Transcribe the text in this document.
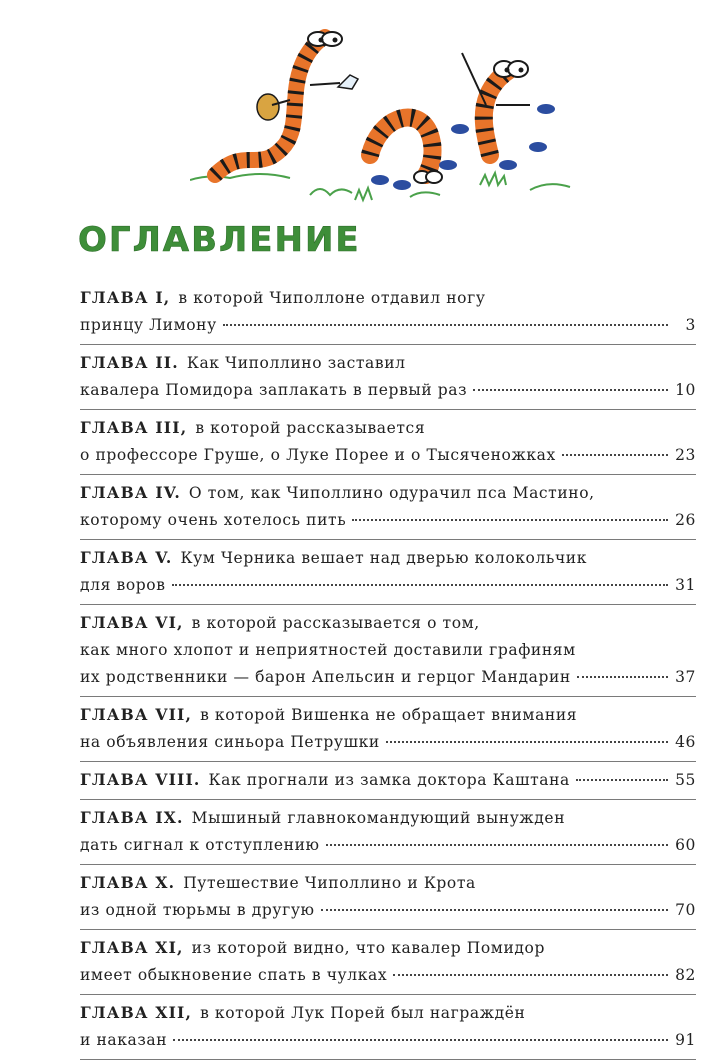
ОГЛАВЛЕНИЕ
ГЛАВА I, в которой Чиполлоне отдавил ногу
принцу Лимону	3
ГЛАВА II. Как Чиполлино заставил
кавалера Помидора заплакать в первый раз	10
ГЛАВА III, в которой рассказывается
о профессоре Груше, о Луке Порее и о Тысяченожках	23
ГЛАВА IV. О том, как Чиполлино одурачил пса Мастино,
которому очень хотелось пить	26
ГЛАВА V. Кум Черника вешает над дверью колокольчик
для воров	31
ГЛАВА VI, в которой рассказывается о том,
как много хлопот и неприятностей доставили графиням
их родственники — барон Апельсин и герцог Мандарин	37
ГЛАВА VII, в которой Вишенка не обращает внимания
на объявления синьора Петрушки	46
ГЛАВА VIII. Как прогнали из замка доктора Каштана	55
ГЛАВА IX. Мышиный главнокомандующий вынужден
дать сигнал к отступлению	60
ГЛАВА X. Путешествие Чиполлино и Крота
из одной тюрьмы в другую	70
ГЛАВА XI, из которой видно, что кавалер Помидор
имеет обыкновение спать в чулках	82
ГЛАВА XII, в которой Лук Порей был награждён
и наказан	91
